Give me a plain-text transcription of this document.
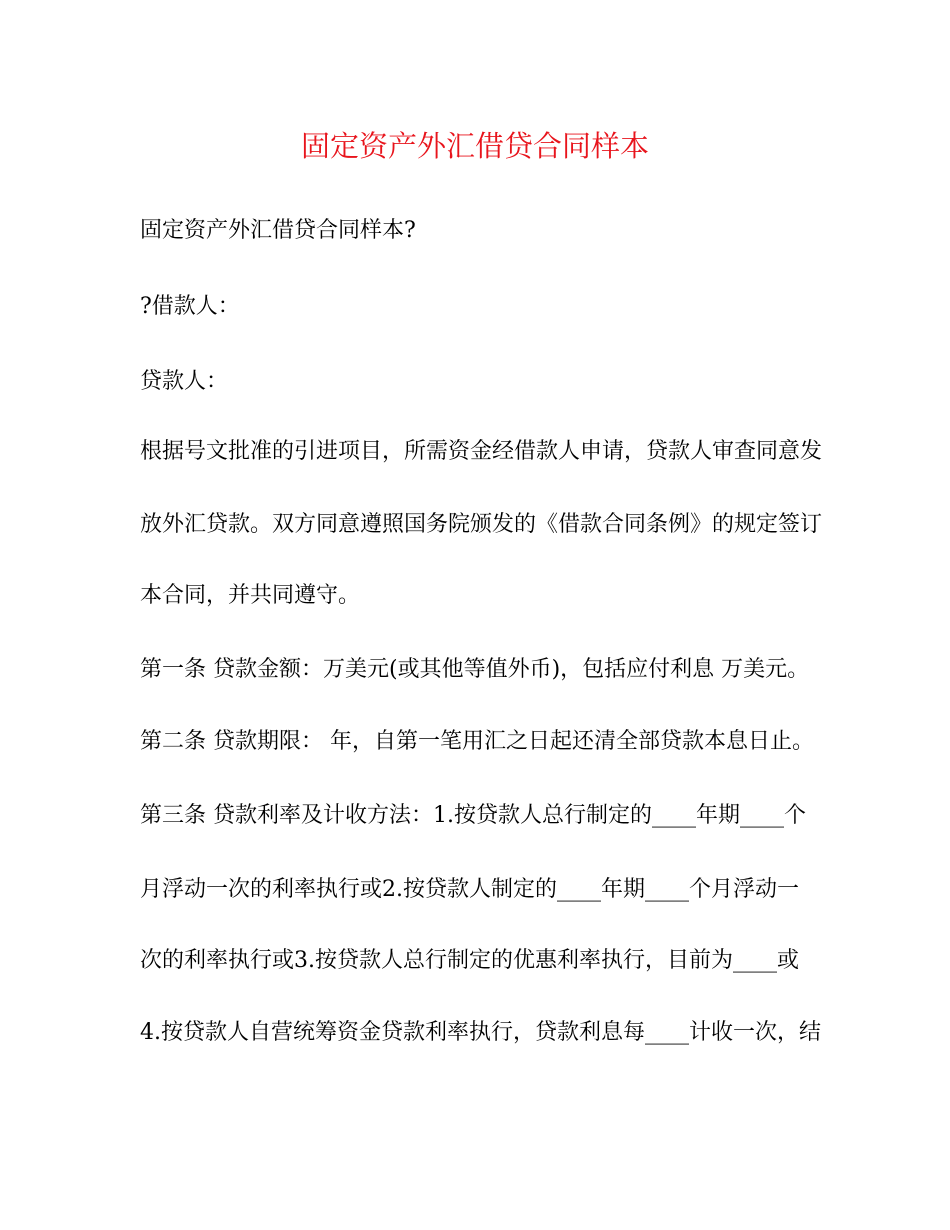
固定资产外汇借贷合同样本
固定资产外汇借贷合同样本?
?借款人：
贷款人：
根据号文批准的引进项目，所需资金经借款人申请，贷款人审查同意发
放外汇贷款。双方同意遵照国务院颁发的《借款合同条例》的规定签订
本合同，并共同遵守。
第一条 贷款金额：万美元(或其他等值外币)，包括应付利息 万美元。
第二条 贷款期限： 年，自第一笔用汇之日起还清全部贷款本息日止。
第三条 贷款利率及计收方法：1.按贷款人总行制定的____年期____个
月浮动一次的利率执行或2.按贷款人制定的____年期____个月浮动一
次的利率执行或3.按贷款人总行制定的优惠利率执行，目前为____或
4.按贷款人自营统筹资金贷款利率执行，贷款利息每____计收一次，结
